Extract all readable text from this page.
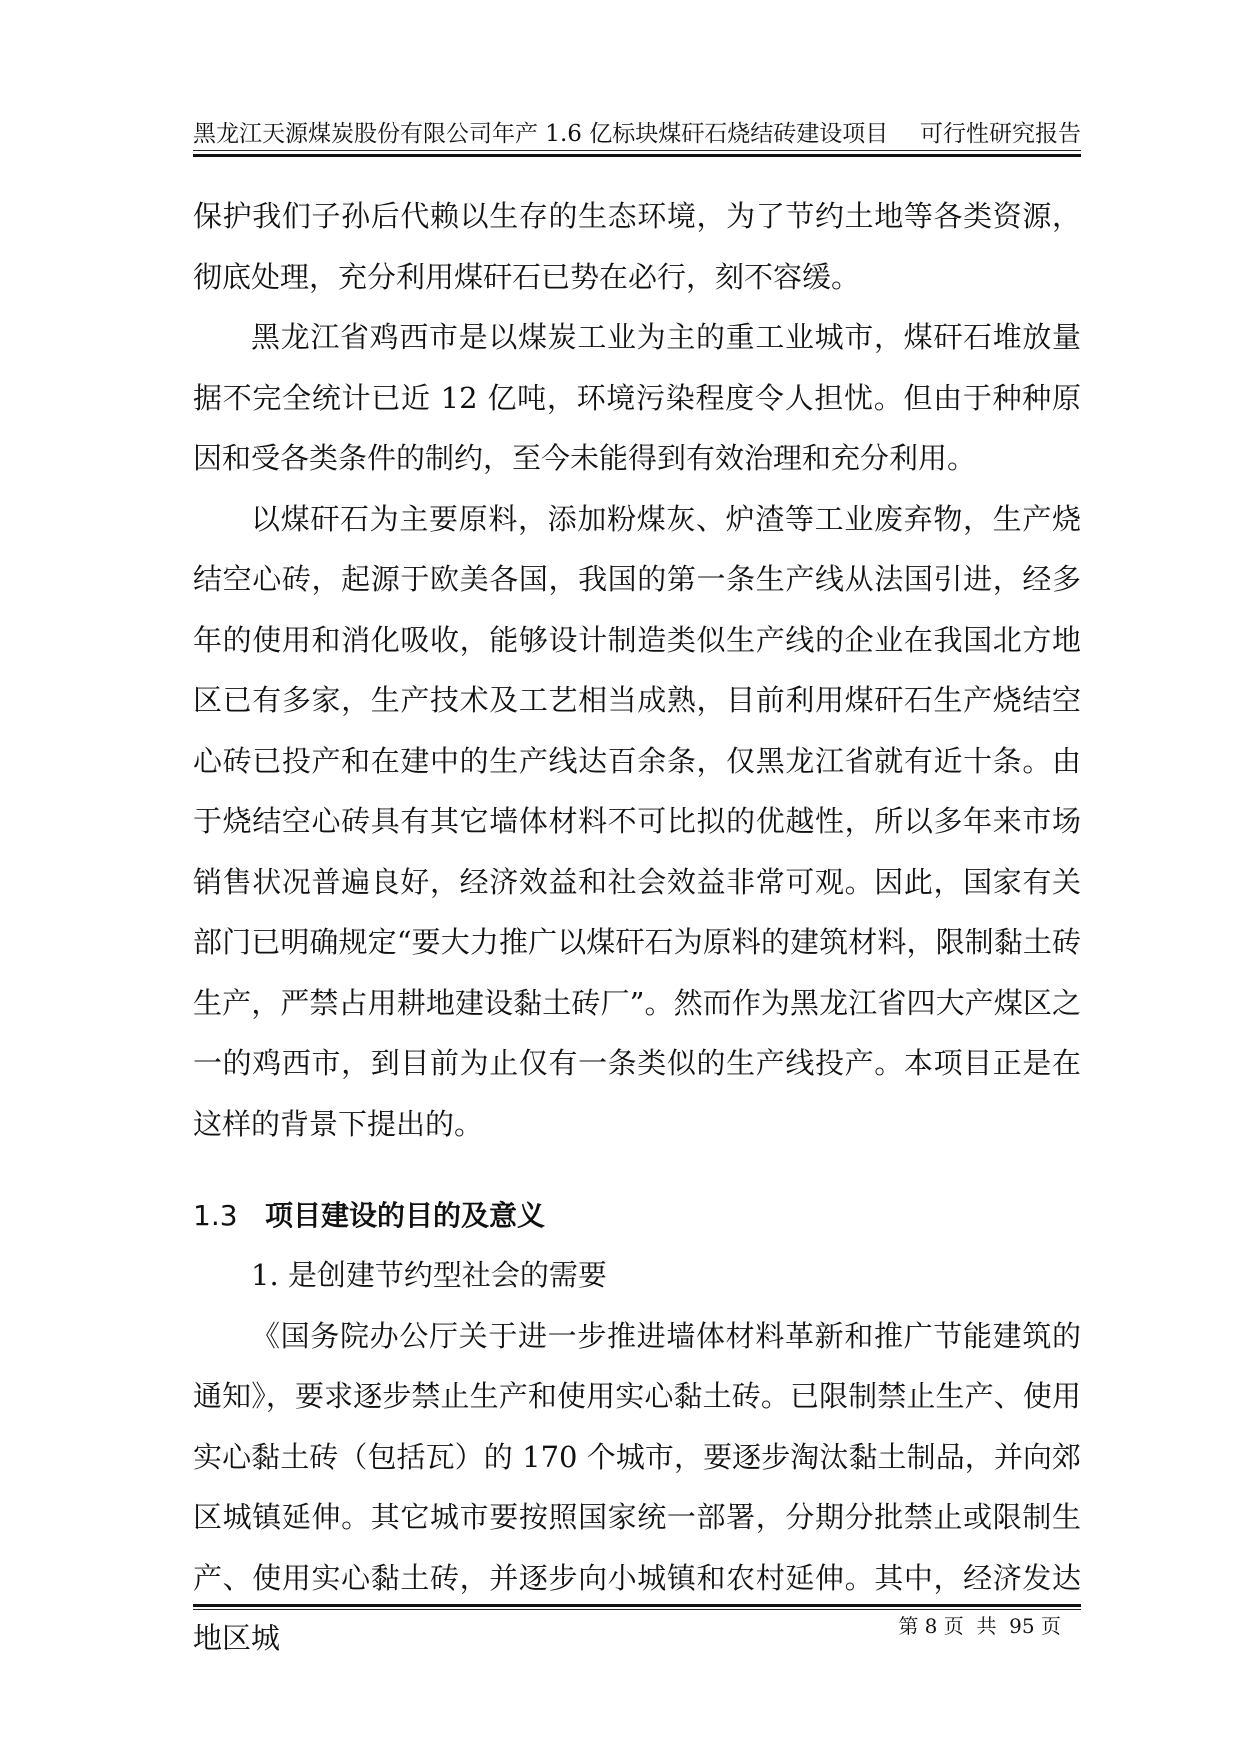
黑龙江天源煤炭股份有限公司年产 1.6 亿标块煤矸石烧结砖建设项目 可行性研究报告

保护我们子孙后代赖以生存的生态环境，为了节约土地等各类资源，彻底处理，充分利用煤矸石已势在必行，刻不容缓。

黑龙江省鸡西市是以煤炭工业为主的重工业城市，煤矸石堆放量据不完全统计已近 12 亿吨，环境污染程度令人担忧。但由于种种原因和受各类条件的制约，至今未能得到有效治理和充分利用。

以煤矸石为主要原料，添加粉煤灰、炉渣等工业废弃物，生产烧结空心砖，起源于欧美各国，我国的第一条生产线从法国引进，经多年的使用和消化吸收，能够设计制造类似生产线的企业在我国北方地区已有多家，生产技术及工艺相当成熟，目前利用煤矸石生产烧结空心砖已投产和在建中的生产线达百余条，仅黑龙江省就有近十条。由于烧结空心砖具有其它墙体材料不可比拟的优越性，所以多年来市场销售状况普遍良好，经济效益和社会效益非常可观。因此，国家有关部门已明确规定“要大力推广以煤矸石为原料的建筑材料，限制黏土砖生产，严禁占用耕地建设黏土砖厂”。然而作为黑龙江省四大产煤区之一的鸡西市，到目前为止仅有一条类似的生产线投产。本项目正是在这样的背景下提出的。

1.3 项目建设的目的及意义

1. 是创建节约型社会的需要

《国务院办公厅关于进一步推进墙体材料革新和推广节能建筑的通知》，要求逐步禁止生产和使用实心黏土砖。已限制禁止生产、使用实心黏土砖（包括瓦）的 170 个城市，要逐步淘汰黏土制品，并向郊区城镇延伸。其它城市要按照国家统一部署，分期分批禁止或限制生产、使用实心黏土砖，并逐步向小城镇和农村延伸。其中，经济发达地区城	第 8 页  共  95 页
